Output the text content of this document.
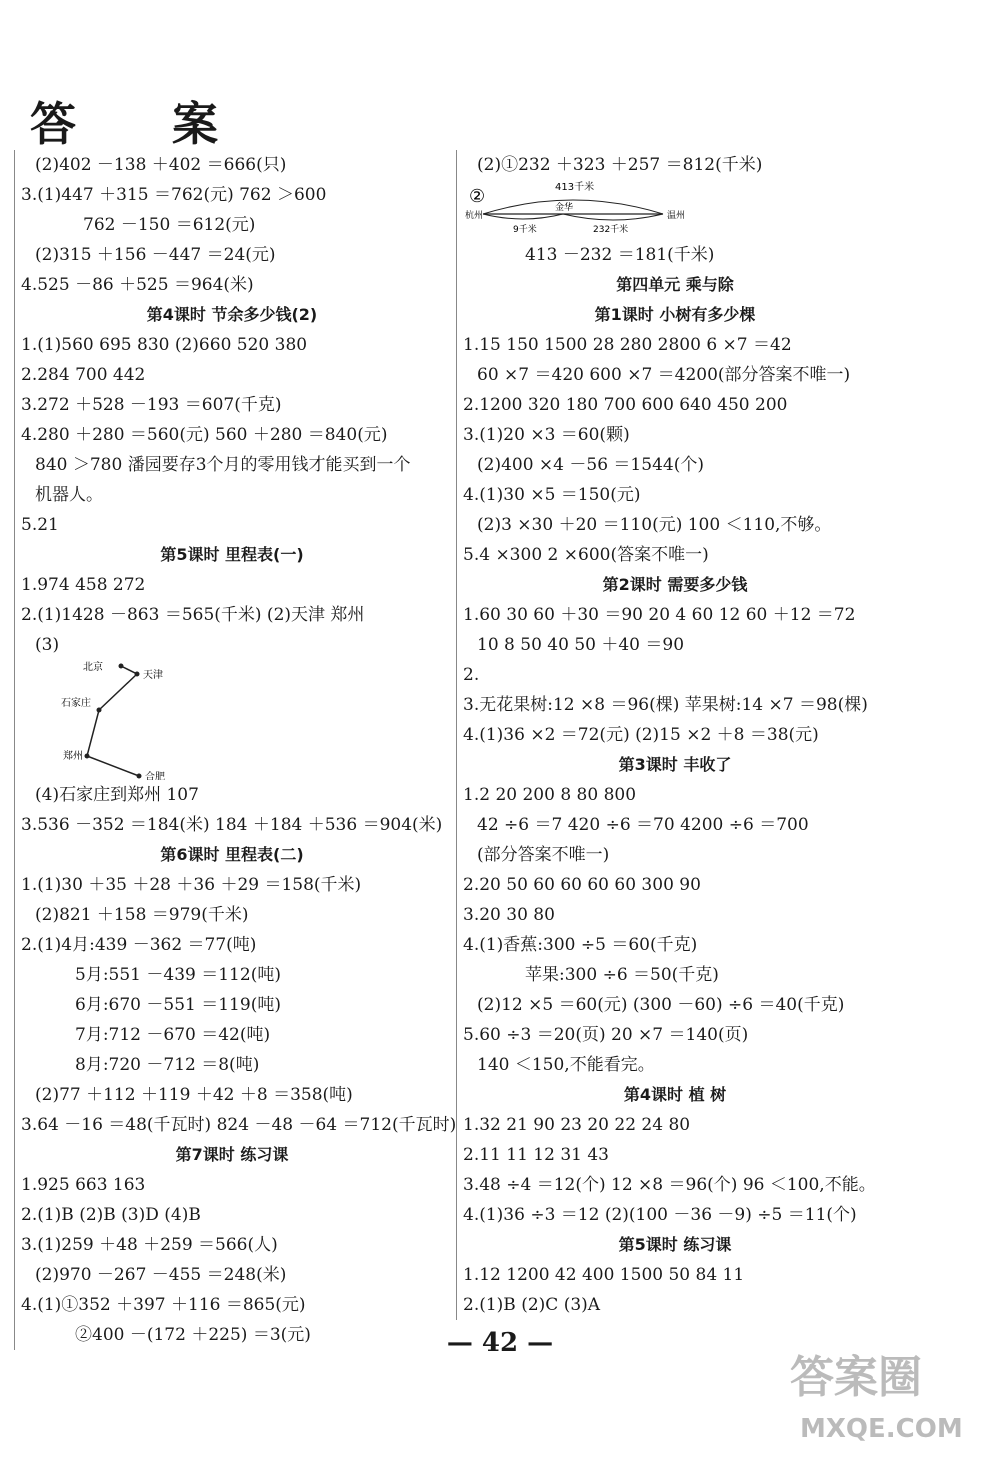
答 案
(2)402 －138 ＋402 ＝666(只)
3.(1)447 ＋315 ＝762(元) 762 ＞600
762 －150 ＝612(元)
(2)315 ＋156 －447 ＝24(元)
4.525 －86 ＋525 ＝964(米)
第4课时 节余多少钱(2)
1.(1)560 695 830 (2)660 520 380
2.284 700 442
3.272 ＋528 －193 ＝607(千克)
4.280 ＋280 ＝560(元) 560 ＋280 ＝840(元)
840 ＞780 潘园要存3个月的零用钱才能买到一个
机器人。
5.21
第5课时 里程表(一)
1.974 458 272
2.(1)1428 －863 ＝565(千米) (2)天津 郑州
(3)
北京
天津
石家庄
郑州
合肥
(4)石家庄到郑州 107
3.536 －352 ＝184(米) 184 ＋184 ＋536 ＝904(米)
第6课时 里程表(二)
1.(1)30 ＋35 ＋28 ＋36 ＋29 ＝158(千米)
(2)821 ＋158 ＝979(千米)
2.(1)4月:439 －362 ＝77(吨)
5月:551 －439 ＝112(吨)
6月:670 －551 ＝119(吨)
7月:712 －670 ＝42(吨)
8月:720 －712 ＝8(吨)
(2)77 ＋112 ＋119 ＋42 ＋8 ＝358(吨)
3.64 －16 ＝48(千瓦时) 824 －48 －64 ＝712(千瓦时)
第7课时 练习课
1.925 663 163
2.(1)B (2)B (3)D (4)B
3.(1)259 ＋48 ＋259 ＝566(人)
(2)970 －267 －455 ＝248(米)
4.(1)①352 ＋397 ＋116 ＝865(元)
②400 －(172 ＋225) ＝3(元)
(2)①232 ＋323 ＋257 ＝812(千米)
②	413千米
杭州
9千米
金华
232千米
温州
413 －232 ＝181(千米)
第四单元 乘与除
第1课时 小树有多少棵
1.15 150 1500 28 280 2800 6 ×7 ＝42
60 ×7 ＝420 600 ×7 ＝4200(部分答案不唯一)
2.1200 320 180 700 600 640 450 200
3.(1)20 ×3 ＝60(颗)
(2)400 ×4 －56 ＝1544(个)
4.(1)30 ×5 ＝150(元)
(2)3 ×30 ＋20 ＝110(元) 100 ＜110,不够。
5.4 ×300 2 ×600(答案不唯一)
第2课时 需要多少钱
1.60 30 60 ＋30 ＝90 20 4 60 12 60 ＋12 ＝72
10 8 50 40 50 ＋40 ＝90
2.
3.无花果树:12 ×8 ＝96(棵) 苹果树:14 ×7 ＝98(棵)
4.(1)36 ×2 ＝72(元) (2)15 ×2 ＋8 ＝38(元)
第3课时 丰收了
1.2 20 200 8 80 800
42 ÷6 ＝7 420 ÷6 ＝70 4200 ÷6 ＝700
(部分答案不唯一)
2.20 50 60 60 60 60 300 90
3.20 30 80
4.(1)香蕉:300 ÷5 ＝60(千克)
苹果:300 ÷6 ＝50(千克)
(2)12 ×5 ＝60(元) (300 －60) ÷6 ＝40(千克)
5.60 ÷3 ＝20(页) 20 ×7 ＝140(页)
140 ＜150,不能看完。
第4课时 植 树
1.32 21 90 23 20 22 24 80
2.11 11 12 31 43
3.48 ÷4 ＝12(个) 12 ×8 ＝96(个) 96 ＜100,不能。
4.(1)36 ÷3 ＝12 (2)(100 －36 －9) ÷5 ＝11(个)
第5课时 练习课
1.12 1200 42 400 1500 50 84 11
2.(1)B (2)C (3)A
— 42 —
答案圈
MXQE.COM
